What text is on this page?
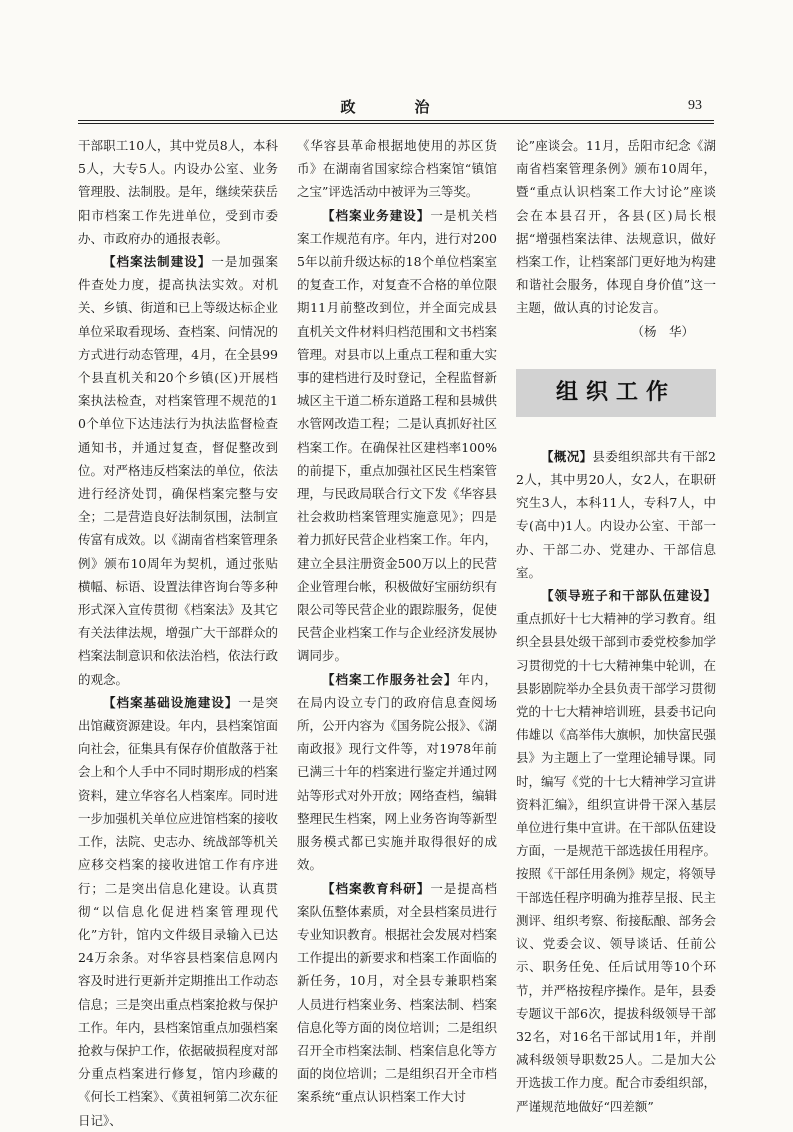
政　治	93

干部职工10人，其中党员8人，本科5人，大专5人。内设办公室、业务管理股、法制股。是年，继续荣获岳阳市档案工作先进单位，受到市委办、市政府办的通报表彰。

【档案法制建设】一是加强案件查处力度，提高执法实效。对机关、乡镇、街道和已上等级达标企业单位采取看现场、查档案、问情况的方式进行动态管理，4月，在全县99个县直机关和20个乡镇(区)开展档案执法检查，对档案管理不规范的10个单位下达违法行为执法监督检查通知书，并通过复查，督促整改到位。对严格违反档案法的单位，依法进行经济处罚，确保档案完整与安全；二是营造良好法制氛围，法制宣传富有成效。以《湖南省档案管理条例》颁布10周年为契机，通过张贴横幅、标语、设置法律咨询台等多种形式深入宣传贯彻《档案法》及其它有关法律法规，增强广大干部群众的档案法制意识和依法治档，依法行政的观念。

【档案基础设施建设】一是突出馆藏资源建设。年内，县档案馆面向社会，征集具有保存价值散落于社会上和个人手中不同时期形成的档案资料，建立华容名人档案库。同时进一步加强机关单位应进馆档案的接收工作，法院、史志办、统战部等机关应移交档案的接收进馆工作有序进行；二是突出信息化建设。认真贯彻“以信息化促进档案管理现代化”方针，馆内文件级目录输入已达24万余条。对华容县档案信息网内容及时进行更新并定期推出工作动态信息；三是突出重点档案抢救与保护工作。年内，县档案馆重点加强档案抢救与保护工作，依据破损程度对部分重点档案进行修复，馆内珍藏的《何长工档案》、《黄祖轲第二次东征日记》、

《华容县革命根据地使用的苏区货币》在湖南省国家综合档案馆“镇馆之宝”评选活动中被评为三等奖。

【档案业务建设】一是机关档案工作规范有序。年内，进行对2005年以前升级达标的18个单位档案室的复查工作，对复查不合格的单位限期11月前整改到位，并全面完成县直机关文件材料归档范围和文书档案管理。对县市以上重点工程和重大实事的建档进行及时登记，全程监督新城区主干道二桥东道路工程和县城供水管网改造工程；二是认真抓好社区档案工作。在确保社区建档率100%的前提下，重点加强社区民生档案管理，与民政局联合行文下发《华容县社会救助档案管理实施意见》；四是着力抓好民营企业档案工作。年内，建立全县注册资金500万以上的民营企业管理台帐，积极做好宝丽纺织有限公司等民营企业的跟踪服务，促使民营企业档案工作与企业经济发展协调同步。

【档案工作服务社会】年内，在局内设立专门的政府信息查阅场所，公开内容为《国务院公报》、《湖南政报》现行文件等，对1978年前已满三十年的档案进行鉴定并通过网站等形式对外开放；网络查档，编辑整理民生档案，网上业务咨询等新型服务模式都已实施并取得很好的成效。

【档案教育科研】一是提高档案队伍整体素质，对全县档案员进行专业知识教育。根据社会发展对档案工作提出的新要求和档案工作面临的新任务，10月，对全县专兼职档案人员进行档案业务、档案法制、档案信息化等方面的岗位培训；二是组织召开全市档案法制、档案信息化等方面的岗位培训；二是组织召开全市档案系统“重点认识档案工作大讨

论”座谈会。11月，岳阳市纪念《湖南省档案管理条例》颁布10周年，暨“重点认识档案工作大讨论”座谈会在本县召开，各县(区)局长根据“增强档案法律、法规意识，做好档案工作，让档案部门更好地为构建和谐社会服务，体现自身价值”这一主题，做认真的讨论发言。

（杨　华）

组织工作

【概况】县委组织部共有干部22人，其中男20人，女2人，在职研究生3人，本科11人，专科7人，中专(高中)1人。内设办公室、干部一办、干部二办、党建办、干部信息室。

【领导班子和干部队伍建设】重点抓好十七大精神的学习教育。组织全县县处级干部到市委党校参加学习贯彻党的十七大精神集中轮训，在县影剧院举办全县负责干部学习贯彻党的十七大精神培训班，县委书记向伟雄以《高举伟大旗帜，加快富民强县》为主题上了一堂理论辅导课。同时，编写《党的十七大精神学习宣讲资料汇编》，组织宣讲骨干深入基层单位进行集中宣讲。在干部队伍建设方面，一是规范干部选拔任用程序。按照《干部任用条例》规定，将领导干部选任程序明确为推荐呈报、民主测评、组织考察、衔接酝酿、部务会议、党委会议、领导谈话、任前公示、职务任免、任后试用等10个环节，并严格按程序操作。是年，县委专题议干部6次，提拔科级领导干部32名，对16名干部试用1年，并削减科级领导职数25人。二是加大公开选拔工作力度。配合市委组织部，严谨规范地做好“四差额”
